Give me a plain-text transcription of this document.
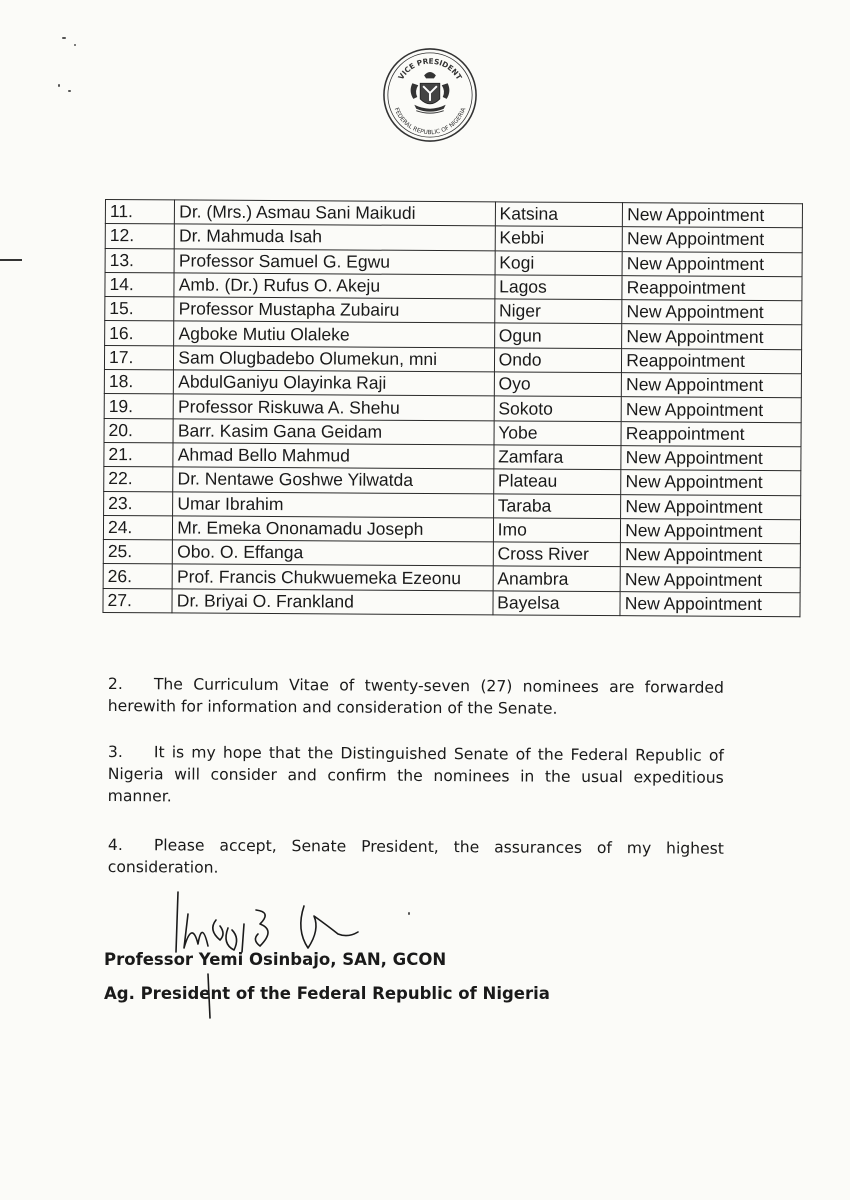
VICE PRESIDENT
FEDERAL REPUBLIC OF NIGERIA
11.	Dr. (Mrs.) Asmau Sani Maikudi	Katsina	New Appointment
12.	Dr. Mahmuda Isah	Kebbi	New Appointment
13.	Professor Samuel G. Egwu	Kogi	New Appointment
14.	Amb. (Dr.) Rufus O. Akeju	Lagos	Reappointment
15.	Professor Mustapha Zubairu	Niger	New Appointment
16.	Agboke Mutiu Olaleke	Ogun	New Appointment
17.	Sam Olugbadebo Olumekun, mni	Ondo	Reappointment
18.	AbdulGaniyu Olayinka Raji	Oyo	New Appointment
19.	Professor Riskuwa A. Shehu	Sokoto	New Appointment
20.	Barr. Kasim Gana Geidam	Yobe	Reappointment
21.	Ahmad Bello Mahmud	Zamfara	New Appointment
22.	Dr. Nentawe Goshwe Yilwatda	Plateau	New Appointment
23.	Umar Ibrahim	Taraba	New Appointment
24.	Mr. Emeka Ononamadu Joseph	Imo	New Appointment
25.	Obo. O. Effanga	Cross River	New Appointment
26.	Prof. Francis Chukwuemeka Ezeonu	Anambra	New Appointment
27.	Dr. Briyai O. Frankland	Bayelsa	New Appointment
2. The Curriculum Vitae of twenty-seven (27) nominees are forwarded herewith for information and consideration of the Senate.
3. It is my hope that the Distinguished Senate of the Federal Republic of Nigeria will consider and confirm the nominees in the usual expeditious manner.
4. Please accept, Senate President, the assurances of my highest consideration.
Professor Yemi Osinbajo, SAN, GCON
Ag. President of the Federal Republic of Nigeria
